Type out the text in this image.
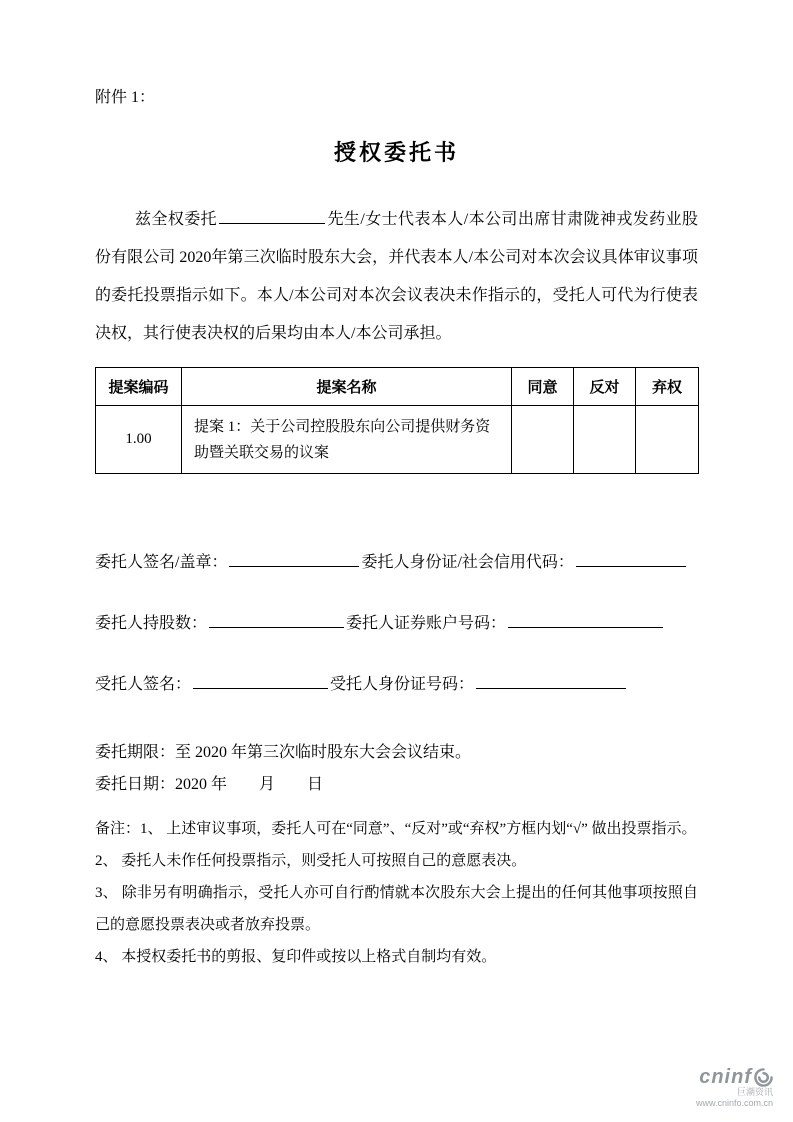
附件 1：
授权委托书

兹全权委托	先生/女士代表本人/本公司出席甘肃陇神戎发药业股份有限公司 2020年第三次临时股东大会，并代表本人/本公司对本次会议具体审议事项的委托投票指示如下。本人/本公司对本次会议表决未作指示的，受托人可代为行使表决权，其行使表决权的后果均由本人/本公司承担。

提案编码	提案名称	同意	反对	弃权
1.00	提案 1：关于公司控股股东向公司提供财务资助暨关联交易的议案			
委托人签名/盖章：	委托人身份证/社会信用代码：
委托人持股数：	委托人证券账户号码：
受托人签名：	受托人身份证号码：
委托期限：至 2020 年第三次临时股东大会会议结束。
委托日期：2020 年　　月　　日
备注：1、 上述审议事项，委托人可在“同意”、“反对”或“弃权”方框内划“√” 做出投票指示。
2、 委托人未作任何投票指示，则受托人可按照自己的意愿表决。
3、 除非另有明确指示，受托人亦可自行酌情就本次股东大会上提出的任何其他事项按照自己的意愿投票表决或者放弃投票。
4、 本授权委托书的剪报、复印件或按以上格式自制均有效。
cninf
巨潮资讯
www.cninfo.com.cn
